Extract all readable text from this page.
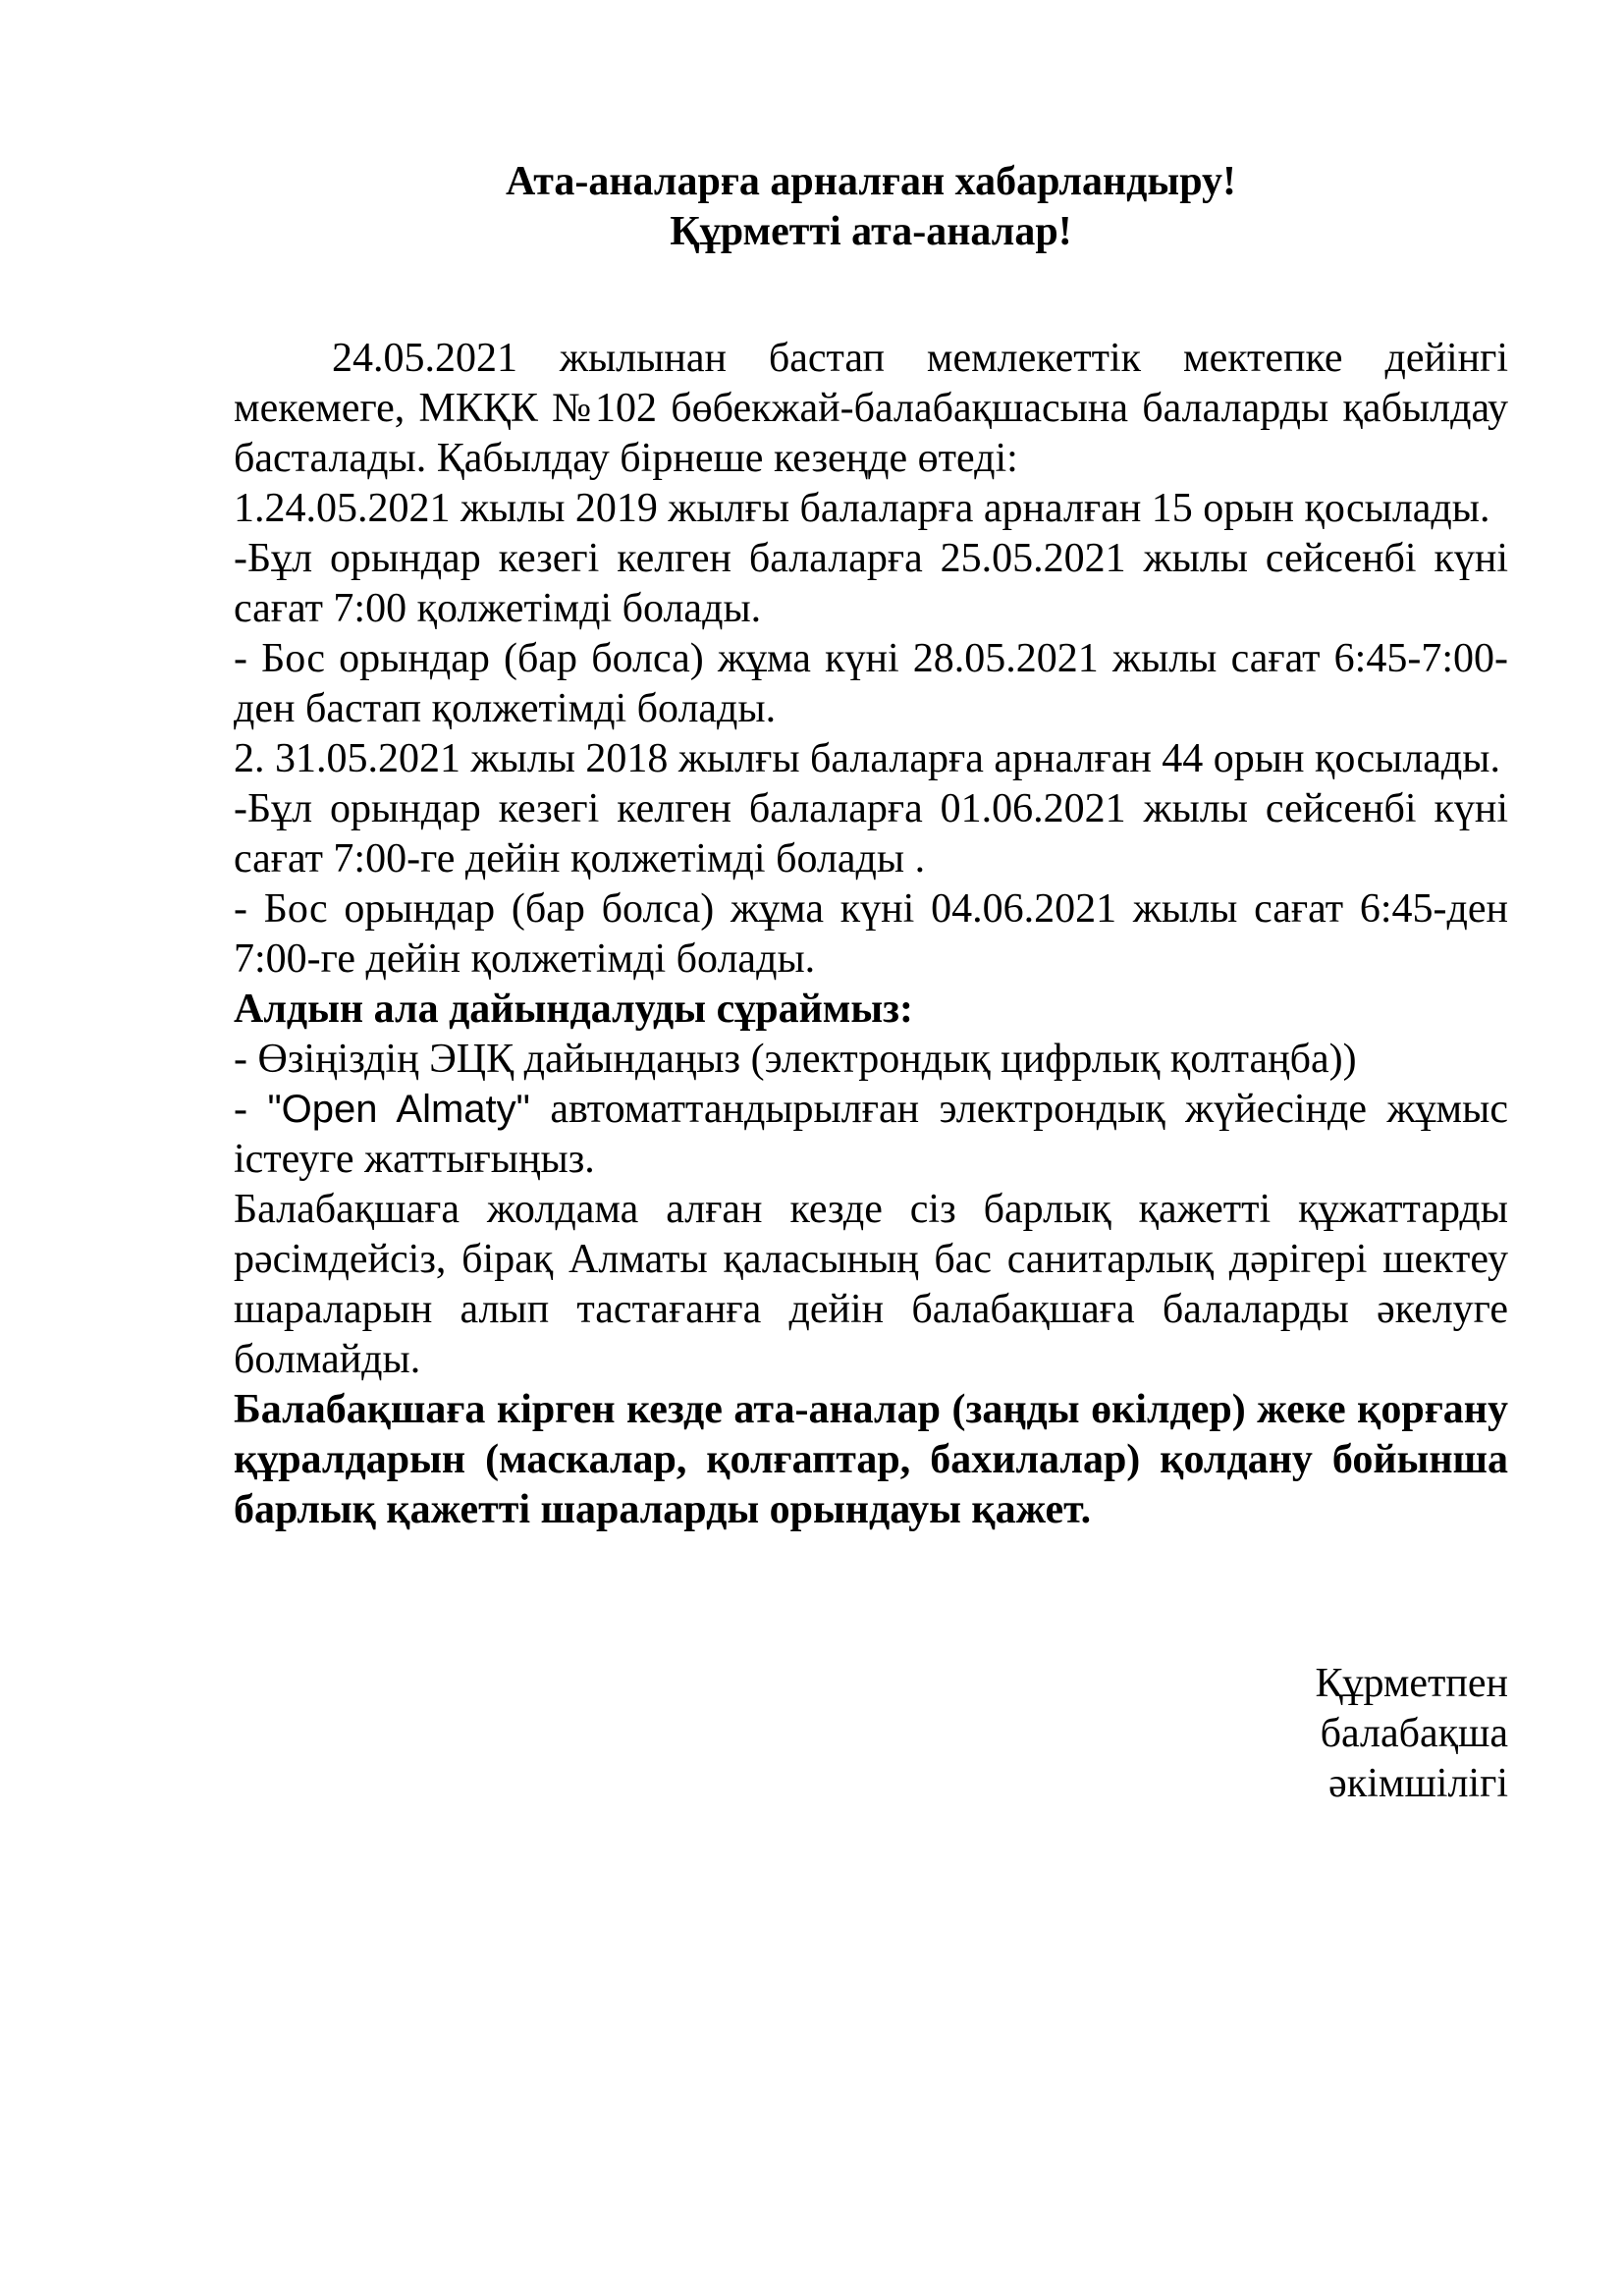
Ата-аналарға арналған хабарландыру!

Құрметті ата-аналар!

24.05.2021 жылынан бастап мемлекеттік мектепке дейінгі мекемеге, МКҚК №102 бөбекжай-балабақшасына балаларды қабылдау басталады. Қабылдау бірнеше кезеңде өтеді:

1.24.05.2021 жылы 2019 жылғы балаларға арналған 15 орын қосылады.

-Бұл орындар кезегі келген балаларға 25.05.2021 жылы сейсенбі күні сағат 7:00 қолжетімді болады.

- Бос орындар (бар болса) жұма күні 28.05.2021 жылы сағат 6:45-7:00-ден бастап қолжетімді болады.

2. 31.05.2021 жылы 2018 жылғы балаларға арналған 44 орын қосылады.

-Бұл орындар кезегі келген балаларға 01.06.2021 жылы сейсенбі күні сағат 7:00-ге дейін қолжетімді болады .

- Бос орындар (бар болса) жұма күні 04.06.2021 жылы сағат 6:45-ден 7:00-ге дейін қолжетімді болады.

Алдын ала дайындалуды сұраймыз:

- Өзіңіздің ЭЦҚ дайындаңыз (электрондық цифрлық қолтаңба))

- "Open Almaty" автоматтандырылған электрондық жүйесінде жұмыс істеуге жаттығыңыз.

Балабақшаға жолдама алған кезде сіз барлық қажетті құжаттарды рәсімдейсіз, бірақ Алматы қаласының бас санитарлық дәрігері шектеу шараларын алып тастағанға дейін балабақшаға балаларды әкелуге болмайды.

Балабақшаға кірген кезде ата-аналар (заңды өкілдер) жеке қорғану құралдарын (маскалар, қолғаптар, бахилалар) қолдану бойынша барлық қажетті шараларды орындауы қажет.

Құрметпен
балабақша
әкімшілігі
